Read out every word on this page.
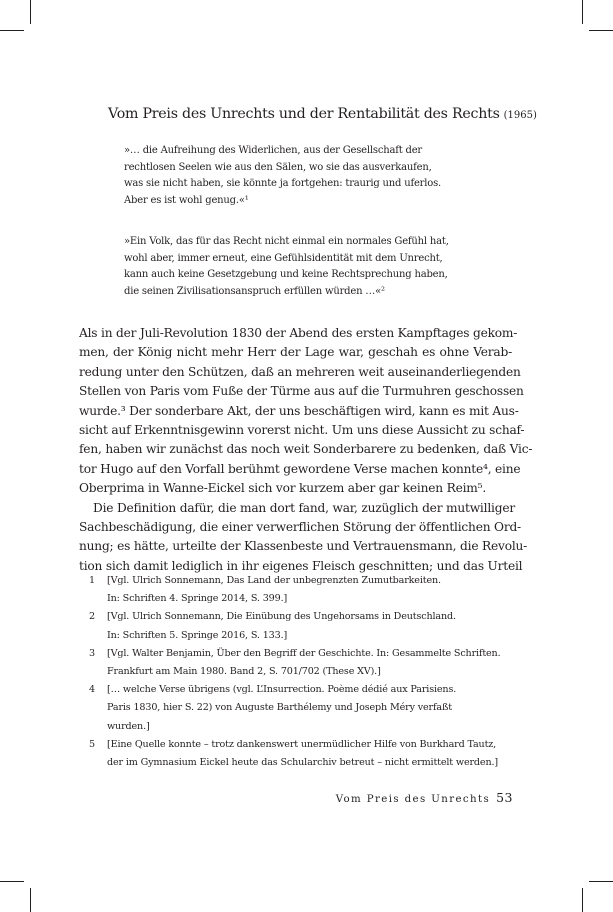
Vom Preis des Unrechts und der Rentabilität des Rechts (1965)
»… die Aufreihung des Widerlichen, aus der Gesellschaft der
rechtlosen Seelen wie aus den Sälen, wo sie das ausverkaufen,
was sie nicht haben, sie könnte ja fortgehen: traurig und uferlos.
Aber es ist wohl genug.«¹
»Ein Volk, das für das Recht nicht einmal ein normales Gefühl hat,
wohl aber, immer erneut, eine Gefühlsidentität mit dem Unrecht,
kann auch keine Gesetzgebung und keine Rechtsprechung haben,
die seinen Zivilisationsanspruch erfüllen würden …«²
Als in der Juli-Revolution 1830 der Abend des ersten Kampftages gekom-
men, der König nicht mehr Herr der Lage war, geschah es ohne Verab-
redung unter den Schützen, daß an mehreren weit auseinanderliegenden
Stellen von Paris vom Fuße der Türme aus auf die Turmuhren geschossen
wurde.³ Der sonderbare Akt, der uns beschäftigen wird, kann es mit Aus-
sicht auf Erkenntnisgewinn vorerst nicht. Um uns diese Aussicht zu schaf-
fen, haben wir zunächst das noch weit Sonderbarere zu bedenken, daß Vic-
tor Hugo auf den Vorfall berühmt gewordene Verse machen konnte⁴, eine
Oberprima in Wanne-Eickel sich vor kurzem aber gar keinen Reim⁵.
Die Definition dafür, die man dort fand, war, zuzüglich der mutwilliger
Sachbeschädigung, die einer verwerflichen Störung der öffentlichen Ord-
nung; es hätte, urteilte der Klassenbeste und Vertrauensmann, die Revolu-
tion sich damit lediglich in ihr eigenes Fleisch geschnitten; und das Urteil
1 [Vgl. Ulrich Sonnemann, Das Land der unbegrenzten Zumutbarkeiten.
In: Schriften 4. Springe 2014, S. 399.]
2 [Vgl. Ulrich Sonnemann, Die Einübung des Ungehorsams in Deutschland.
In: Schriften 5. Springe 2016, S. 133.]
3 [Vgl. Walter Benjamin, Über den Begriff der Geschichte. In: Gesammelte Schriften.
Frankfurt am Main 1980. Band 2, S. 701/702 (These XV).]
4 [… welche Verse übrigens (vgl. L’Insurrection. Poème dédié aux Parisiens.
Paris 1830, hier S. 22) von Auguste Barthélemy und Joseph Méry verfaßt
wurden.]
5 [Eine Quelle konnte – trotz dankenswert unermüdlicher Hilfe von Burkhard Tautz,
der im Gymnasium Eickel heute das Schularchiv betreut – nicht ermittelt werden.]
Vom Preis des Unrechts 53
